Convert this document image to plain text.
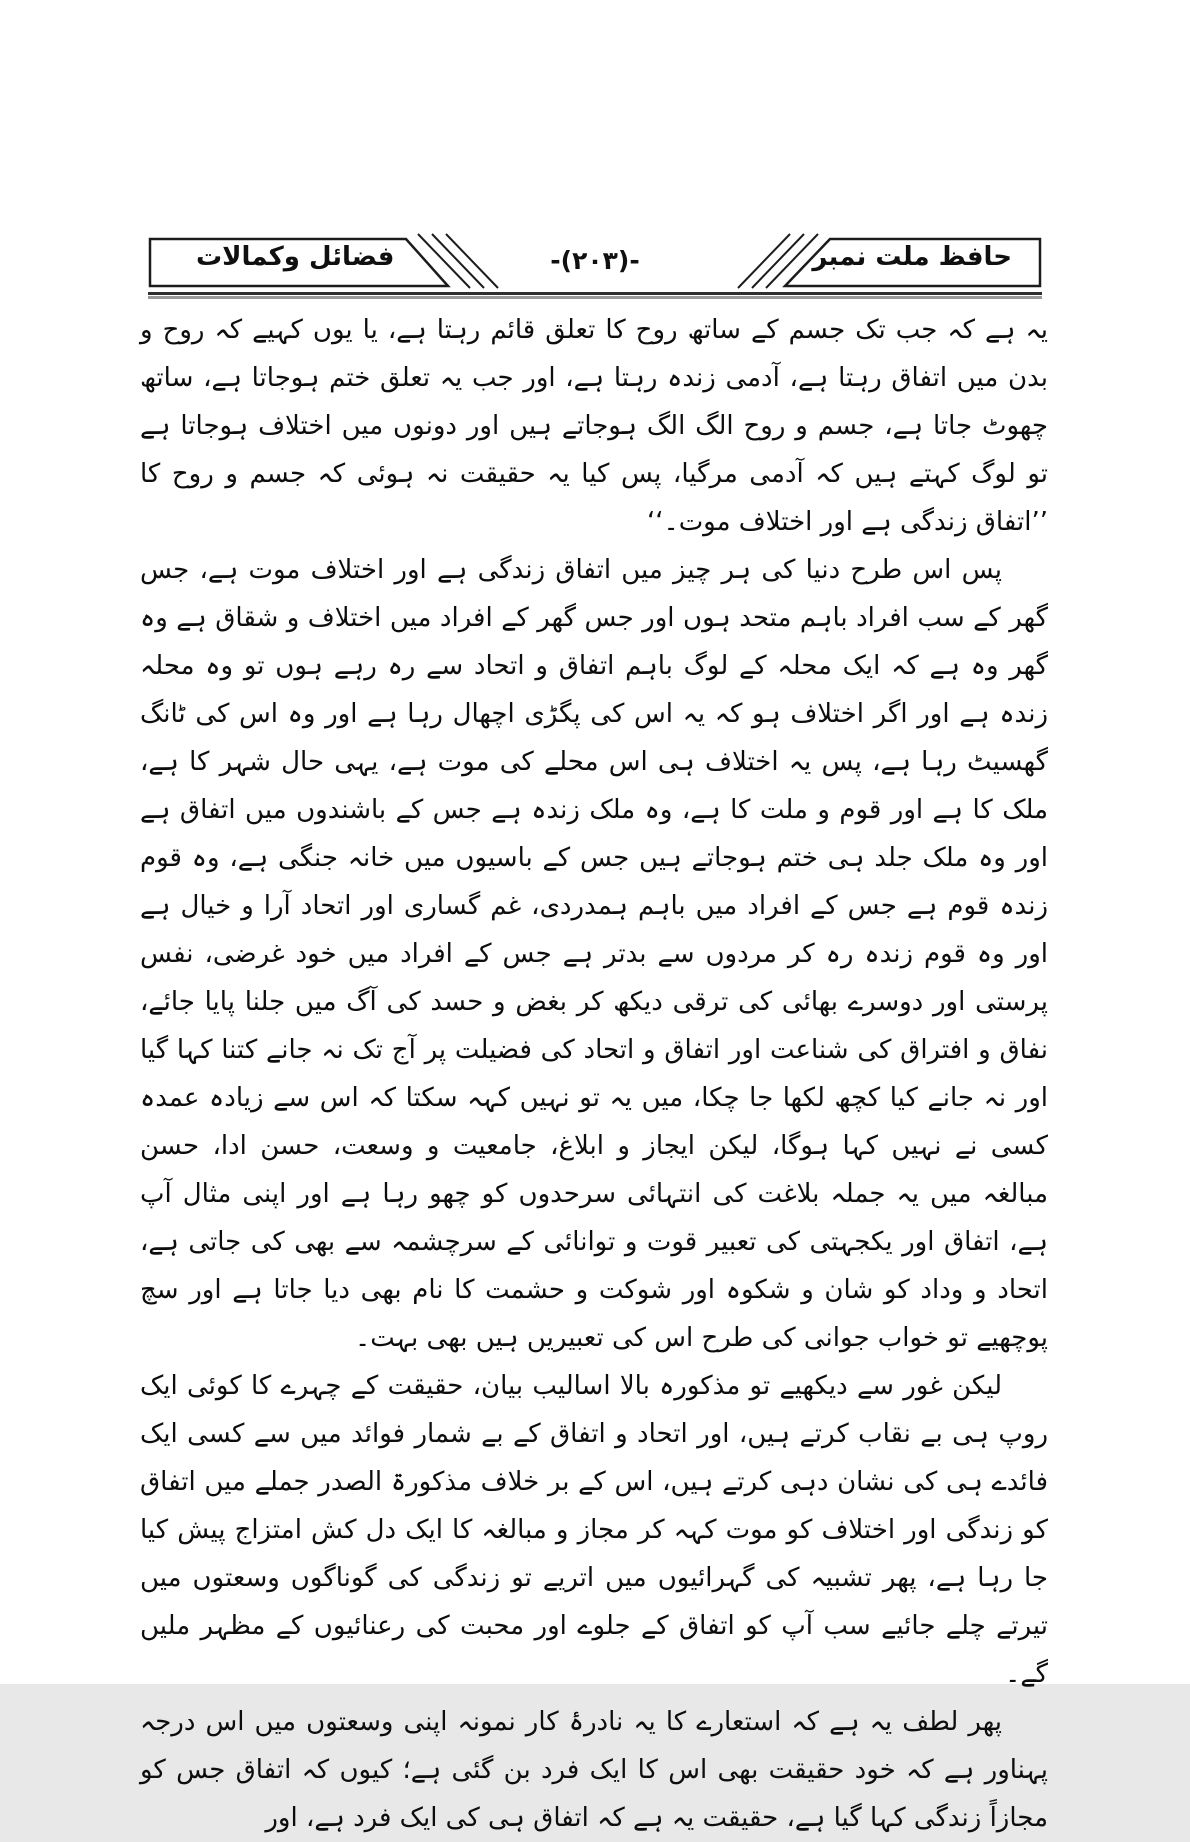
حافظ ملت نمبر
-(۲۰۳)-
فضائل وکمالات

یہ ہے کہ جب تک جسم کے ساتھ روح کا تعلق قائم رہتا ہے، یا یوں کہیے کہ روح و بدن میں اتفاق رہتا ہے، آدمی زندہ رہتا ہے، اور جب یہ تعلق ختم ہوجاتا ہے، ساتھ چھوٹ جاتا ہے، جسم و روح الگ الگ ہوجاتے ہیں اور دونوں میں اختلاف ہوجاتا ہے تو لوگ کہتے ہیں کہ آدمی مرگیا، پس کیا یہ حقیقت نہ ہوئی کہ جسم و روح کا ’’اتفاق زندگی ہے اور اختلاف موت۔‘‘

پس اس طرح دنیا کی ہر چیز میں اتفاق زندگی ہے اور اختلاف موت ہے، جس گھر کے سب افراد باہم متحد ہوں اور جس گھر کے افراد میں اختلاف و شقاق ہے وہ گھر وہ ہے کہ ایک محلہ کے لوگ باہم اتفاق و اتحاد سے رہ رہے ہوں تو وہ محلہ زندہ ہے اور اگر اختلاف ہو کہ یہ اس کی پگڑی اچھال رہا ہے اور وہ اس کی ٹانگ گھسیٹ رہا ہے، پس یہ اختلاف ہی اس محلے کی موت ہے، یہی حال شہر کا ہے، ملک کا ہے اور قوم و ملت کا ہے، وہ ملک زندہ ہے جس کے باشندوں میں اتفاق ہے اور وہ ملک جلد ہی ختم ہوجاتے ہیں جس کے باسیوں میں خانہ جنگی ہے، وہ قوم زندہ قوم ہے جس کے افراد میں باہم ہمدردی، غم گساری اور اتحاد آرا و خیال ہے اور وہ قوم زندہ رہ کر مردوں سے بدتر ہے جس کے افراد میں خود غرضی، نفس پرستی اور دوسرے بھائی کی ترقی دیکھ کر بغض و حسد کی آگ میں جلنا پایا جائے، نفاق و افتراق کی شناعت اور اتفاق و اتحاد کی فضیلت پر آج تک نہ جانے کتنا کہا گیا اور نہ جانے کیا کچھ لکھا جا چکا، میں یہ تو نہیں کہہ سکتا کہ اس سے زیادہ عمدہ کسی نے نہیں کہا ہوگا، لیکن ایجاز و ابلاغ، جامعیت و وسعت، حسن ادا، حسن مبالغہ میں یہ جملہ بلاغت کی انتہائی سرحدوں کو چھو رہا ہے اور اپنی مثال آپ ہے، اتفاق اور یکجہتی کی تعبیر قوت و توانائی کے سرچشمہ سے بھی کی جاتی ہے، اتحاد و وداد کو شان و شکوہ اور شوکت و حشمت کا نام بھی دیا جاتا ہے اور سچ پوچھیے تو خواب جوانی کی طرح اس کی تعبیریں ہیں بھی بہت۔

لیکن غور سے دیکھیے تو مذکورہ بالا اسالیب بیان، حقیقت کے چہرے کا کوئی ایک روپ ہی بے نقاب کرتے ہیں، اور اتحاد و اتفاق کے بے شمار فوائد میں سے کسی ایک فائدے ہی کی نشان دہی کرتے ہیں، اس کے بر خلاف مذکورۃ الصدر جملے میں اتفاق کو زندگی اور اختلاف کو موت کہہ کر مجاز و مبالغہ کا ایک دل کش امتزاج پیش کیا جا رہا ہے، پھر تشبیہ کی گہرائیوں میں اتریے تو زندگی کی گوناگوں وسعتوں میں تیرتے چلے جائیے سب آپ کو اتفاق کے جلوے اور محبت کی رعنائیوں کے مظہر ملیں گے۔

پھر لطف یہ ہے کہ استعارے کا یہ نادرۂ کار نمونہ اپنی وسعتوں میں اس درجہ پہناور ہے کہ خود حقیقت بھی اس کا ایک فرد بن گئی ہے؛ کیوں کہ اتفاق جس کو مجازاً زندگی کہا گیا ہے، حقیقت یہ ہے کہ اتفاق ہی کی ایک فرد ہے، اور
